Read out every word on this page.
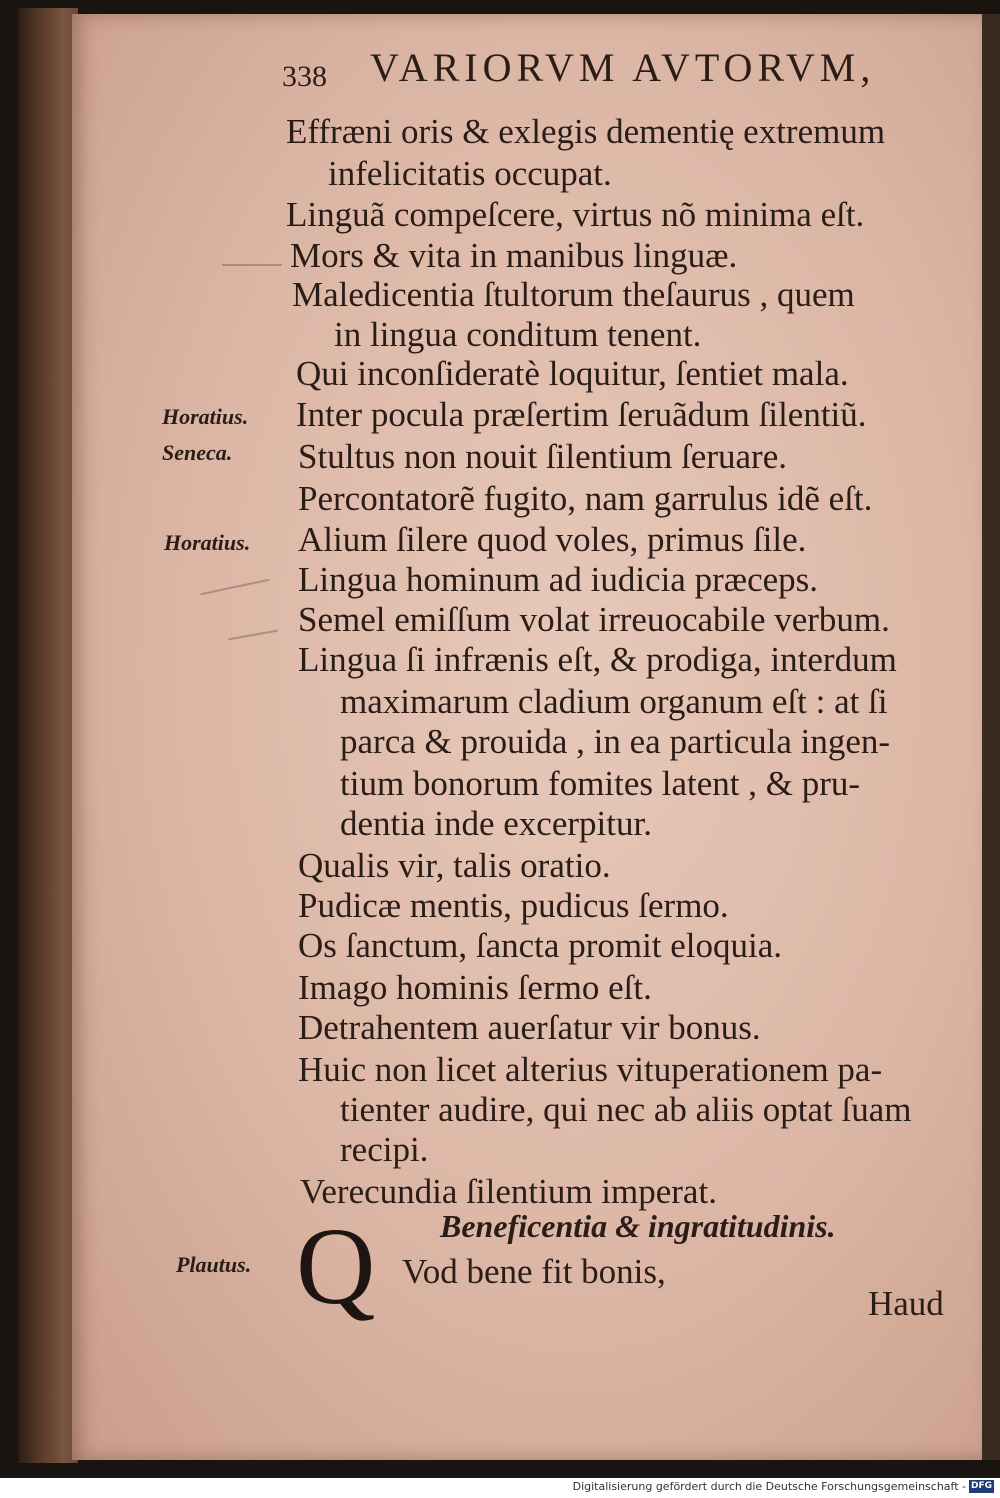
338 VARIORVM AVTORVM,
Effræni oris & exlegis dementię extremum
infelicitatis occupat.
Linguã compeſcere, virtus nõ minima eſt.
Mors & vita in manibus linguæ.
Maledicentia ſtultorum theſaurus , quem
in lingua conditum tenent.
Qui inconſideratè loquitur, ſentiet mala.
Inter pocula præſertim ſeruãdum ſilentiũ.
Stultus non nouit ſilentium ſeruare.
Percontatorẽ fugito, nam garrulus idẽ eſt.
Alium ſilere quod voles, primus ſile.
Lingua hominum ad iudicia præceps.
Semel emiſſum volat irreuocabile verbum.
Lingua ſi infrænis eſt, & prodiga, interdum
maximarum cladium organum eſt : at ſi
parca & prouida , in ea particula ingen-
tium bonorum fomites latent , & pru-
dentia inde excerpitur.
Qualis vir, talis oratio.
Pudicæ mentis, pudicus ſermo.
Os ſanctum, ſancta promit eloquia.
Imago hominis ſermo eſt.
Detrahentem auerſatur vir bonus.
Huic non licet alterius vituperationem pa-
tienter audire, qui nec ab aliis optat ſuam
recipi.
Verecundia ſilentium imperat.
Horatius.
Seneca.
Horatius.
Plautus.
Beneficentia & ingratitudinis.
Q Vod bene fit bonis,
Haud
Digitalisierung gefördert durch die Deutsche Forschungsgemeinschaft - DFG
